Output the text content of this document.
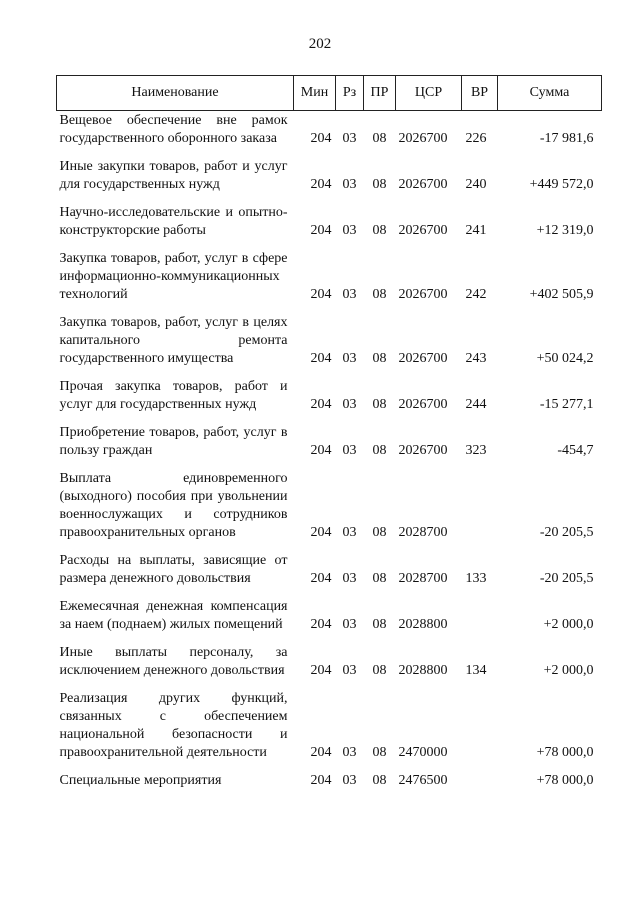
202
Наименование	Мин	Рз	ПР	ЦСР	ВР	Сумма
Вещевое обеспечение вне рамок государственного оборонного заказа	204	03	08	2026700	226	-17 981,6
Иные закупки товаров, работ и услуг для государственных нужд	204	03	08	2026700	240	+449 572,0
Научно-исследовательские и опытно-конструкторские работы	204	03	08	2026700	241	+12 319,0
Закупка товаров, работ, услуг в сфере информационно-коммуникационных технологий	204	03	08	2026700	242	+402 505,9
Закупка товаров, работ, услуг в целях капитального ремонта государственного имущества	204	03	08	2026700	243	+50 024,2
Прочая закупка товаров, работ и услуг для государственных нужд	204	03	08	2026700	244	-15 277,1
Приобретение товаров, работ, услуг в пользу граждан	204	03	08	2026700	323	-454,7
Выплата единовременного (выходного) пособия при увольнении военнослужащих и сотрудников правоохранительных органов	204	03	08	2028700		-20 205,5
Расходы на выплаты, зависящие от размера денежного довольствия	204	03	08	2028700	133	-20 205,5
Ежемесячная денежная компенсация за наем (поднаем) жилых помещений	204	03	08	2028800		+2 000,0
Иные выплаты персоналу, за исключением денежного довольствия	204	03	08	2028800	134	+2 000,0
Реализация других функций, связанных с обеспечением национальной безопасности и правоохранительной деятельности	204	03	08	2470000		+78 000,0
Специальные мероприятия	204	03	08	2476500		+78 000,0
